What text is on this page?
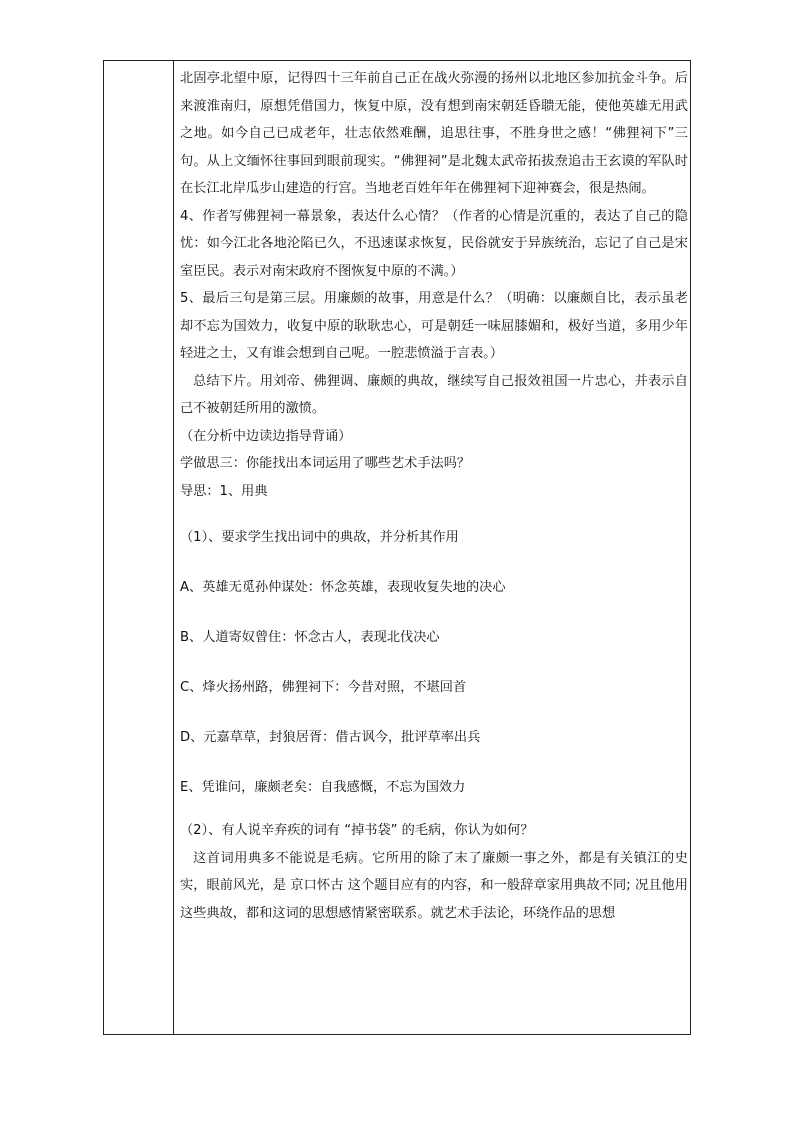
北固亭北望中原，记得四十三年前自己正在战火弥漫的扬州以北地区参加抗金斗争。后来渡淮南归，原想凭借国力，恢复中原，没有想到南宋朝廷昏聩无能，使他英雄无用武之地。如今自己已成老年，壮志依然难酬，追思往事，不胜身世之感！“佛狸祠下”三句。从上文缅怀往事回到眼前现实。“佛狸祠”是北魏太武帝拓拔焘追击王玄谟的军队时在长江北岸瓜步山建造的行宫。当地老百姓年年在佛狸祠下迎神赛会，很是热闹。

4、作者写佛狸祠一幕景象，表达什么心情？（作者的心情是沉重的，表达了自己的隐忧：如今江北各地沦陷已久，不迅速谋求恢复，民俗就安于异族统治，忘记了自己是宋室臣民。表示对南宋政府不图恢复中原的不满。）

5、最后三句是第三层。用廉颇的故事，用意是什么？（明确：以廉颇自比，表示虽老却不忘为国效力，收复中原的耿耿忠心，可是朝廷一味屈膝媚和，极好当道，多用少年轻进之士，又有谁会想到自己呢。一腔悲愤溢于言表。）

总结下片。用刘帝、佛狸调、廉颇的典故，继续写自己报效祖国一片忠心，并表示自己不被朝廷所用的激愤。

（在分析中边读边指导背诵）

学做思三：你能找出本词运用了哪些艺术手法吗？

导思：1、用典

（1）、要求学生找出词中的典故，并分析其作用

A、英雄无觅孙仲谋处：怀念英雄，表现收复失地的决心

B、人道寄奴曾住：怀念古人，表现北伐决心

C、烽火扬州路，佛狸祠下：今昔对照，不堪回首

D、元嘉草草，封狼居胥：借古讽今，批评草率出兵

E、凭谁问，廉颇老矣：自我感慨，不忘为国效力

（2）、有人说辛弃疾的词有 “掉书袋” 的毛病，你认为如何？

这首词用典多不能说是毛病。它所用的除了末了廉颇一事之外，都是有关镇江的史实，眼前风光，是 京口怀古 这个题目应有的内容，和一般辞章家用典故不同; 况且他用这些典故，都和这词的思想感情紧密联系。就艺术手法论，环绕作品的思想
